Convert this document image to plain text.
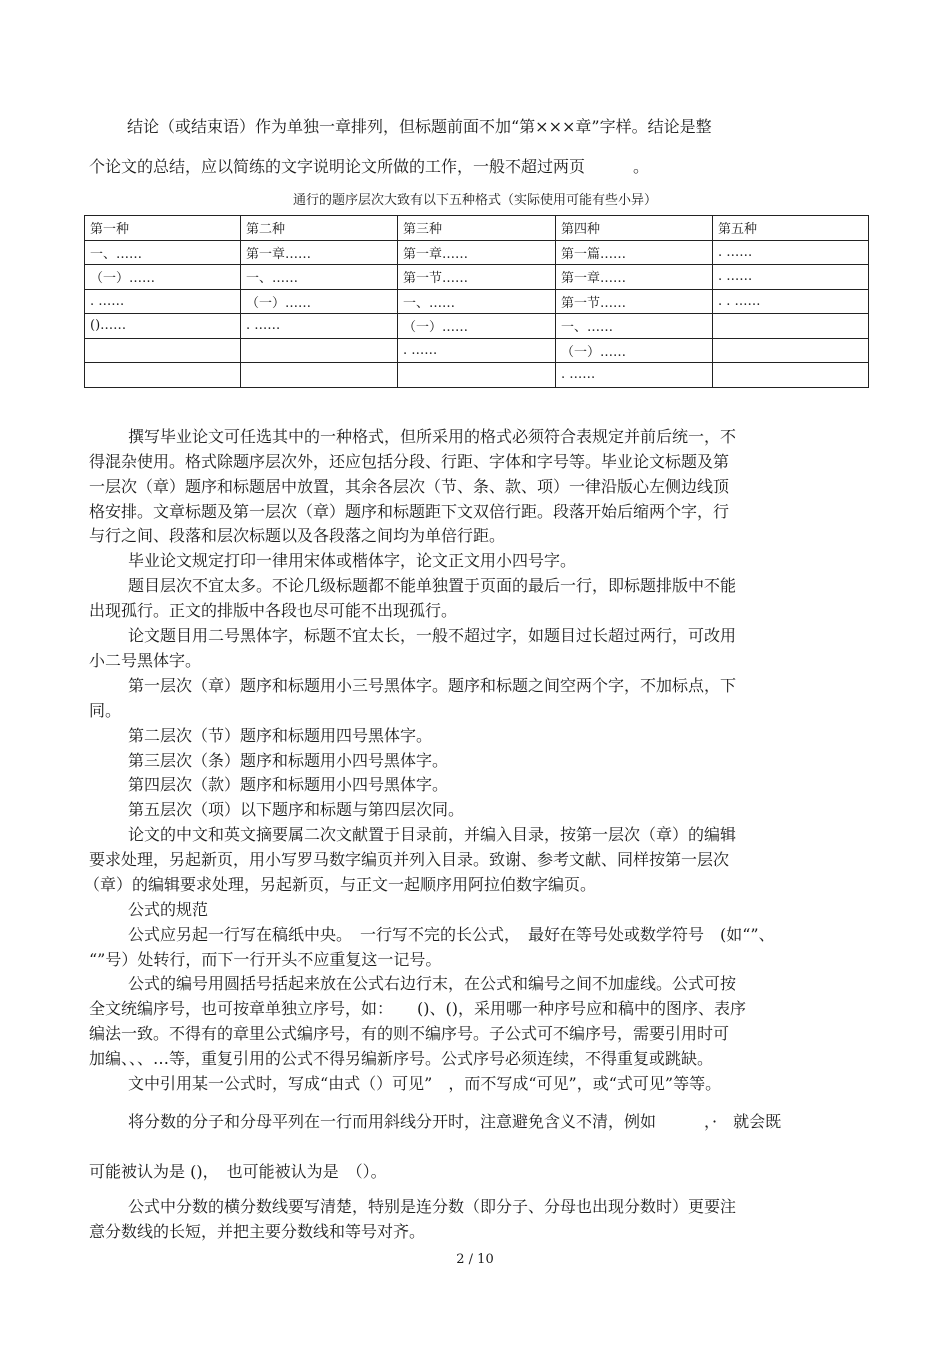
结论（或结束语）作为单独一章排列，但标题前面不加“第×××章”字样。结论是整
个论文的总结，应以简练的文字说明论文所做的工作，一般不超过两页　　　。
通行的题序层次大致有以下五种格式（实际使用可能有些小异）
第一种	第二种	第三种	第四种	第五种
一、……	第一章……	第一章……	第一篇……	. ……
（一）……	一、……	第一节……	第一章……	. ……
. ……	（一）……	一、……	第一节……	. . ……
()……	. ……	（一）……	一、……	
		. ……	（一）……	
			. ……	
撰写毕业论文可任选其中的一种格式，但所采用的格式必须符合表规定并前后统一，不
得混杂使用。格式除题序层次外，还应包括分段、行距、字体和字号等。毕业论文标题及第
一层次（章）题序和标题居中放置，其余各层次（节、条、款、项）一律沿版心左侧边线顶
格安排。文章标题及第一层次（章）题序和标题距下文双倍行距。段落开始后缩两个字，行
与行之间、段落和层次标题以及各段落之间均为单倍行距。
毕业论文规定打印一律用宋体或楷体字，论文正文用小四号字。
题目层次不宜太多。不论几级标题都不能单独置于页面的最后一行，即标题排版中不能
出现孤行。正文的排版中各段也尽可能不出现孤行。
论文题目用二号黑体字，标题不宜太长，一般不超过字，如题目过长超过两行，可改用
小二号黑体字。
第一层次（章）题序和标题用小三号黑体字。题序和标题之间空两个字，不加标点，下
同。
第二层次（节）题序和标题用四号黑体字。
第三层次（条）题序和标题用小四号黑体字。
第四层次（款）题序和标题用小四号黑体字。
第五层次（项）以下题序和标题与第四层次同。
论文的中文和英文摘要属二次文献置于目录前，并编入目录，按第一层次（章）的编辑
要求处理，另起新页，用小写罗马数字编页并列入目录。致谢、参考文献、同样按第一层次
（章）的编辑要求处理，另起新页，与正文一起顺序用阿拉伯数字编页。
公式的规范
公式应另起一行写在稿纸中央。　一行写不完的长公式，　最好在等号处或数学符号　(如“”、
“”号）处转行，而下一行开头不应重复这一记号。
公式的编号用圆括号括起来放在公式右边行末，在公式和编号之间不加虚线。公式可按
全文统编序号，也可按章单独立序号，如：　　()、()，采用哪一种序号应和稿中的图序、表序
编法一致。不得有的章里公式编序号，有的则不编序号。子公式可不编序号，需要引用时可
加编、、、…等，重复引用的公式不得另编新序号。公式序号必须连续，不得重复或跳缺。
文中引用某一公式时，写成“由式（）可见”　，而不写成“可见”，或“式可见”等等。
将分数的分子和分母平列在一行而用斜线分开时，注意避免含义不清，例如　　　，·　就会既
可能被认为是 ()，　也可能被认为是　（）。
公式中分数的横分数线要写清楚，特别是连分数（即分子、分母也出现分数时）更要注
意分数线的长短，并把主要分数线和等号对齐。
2 / 10
